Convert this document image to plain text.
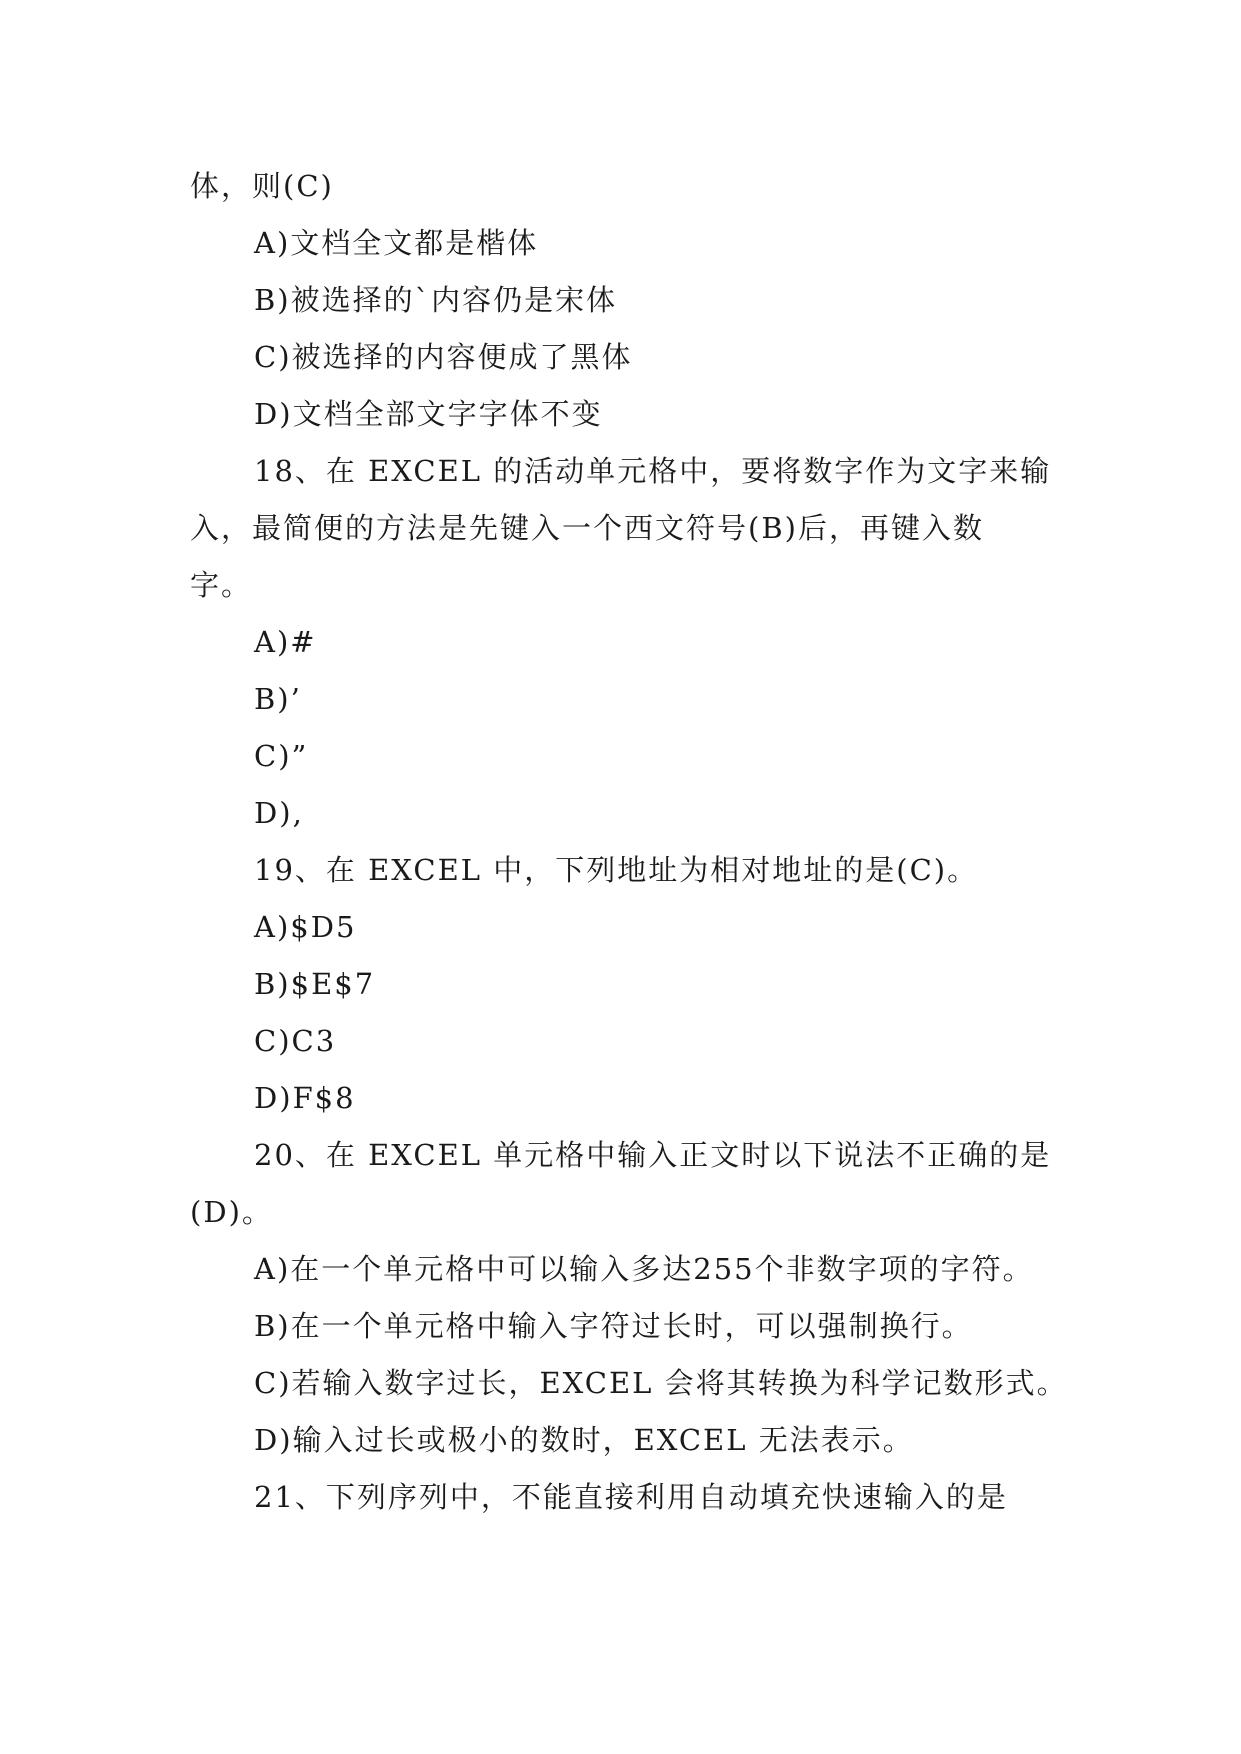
体，则(C)
A)文档全文都是楷体
B)被选择的`内容仍是宋体
C)被选择的内容便成了黑体
D)文档全部文字字体不变
18、在 EXCEL 的活动单元格中，要将数字作为文字来输
入，最简便的方法是先键入一个西文符号(B)后，再键入数
字。
A)#
B)’
C)”
D),
19、在 EXCEL 中，下列地址为相对地址的是(C)。
A)$D5
B)$E$7
C)C3
D)F$8
20、在 EXCEL 单元格中输入正文时以下说法不正确的是
(D)。
A)在一个单元格中可以输入多达255个非数字项的字符。
B)在一个单元格中输入字符过长时，可以强制换行。
C)若输入数字过长，EXCEL 会将其转换为科学记数形式。
D)输入过长或极小的数时，EXCEL 无法表示。
21、下列序列中，不能直接利用自动填充快速输入的是
